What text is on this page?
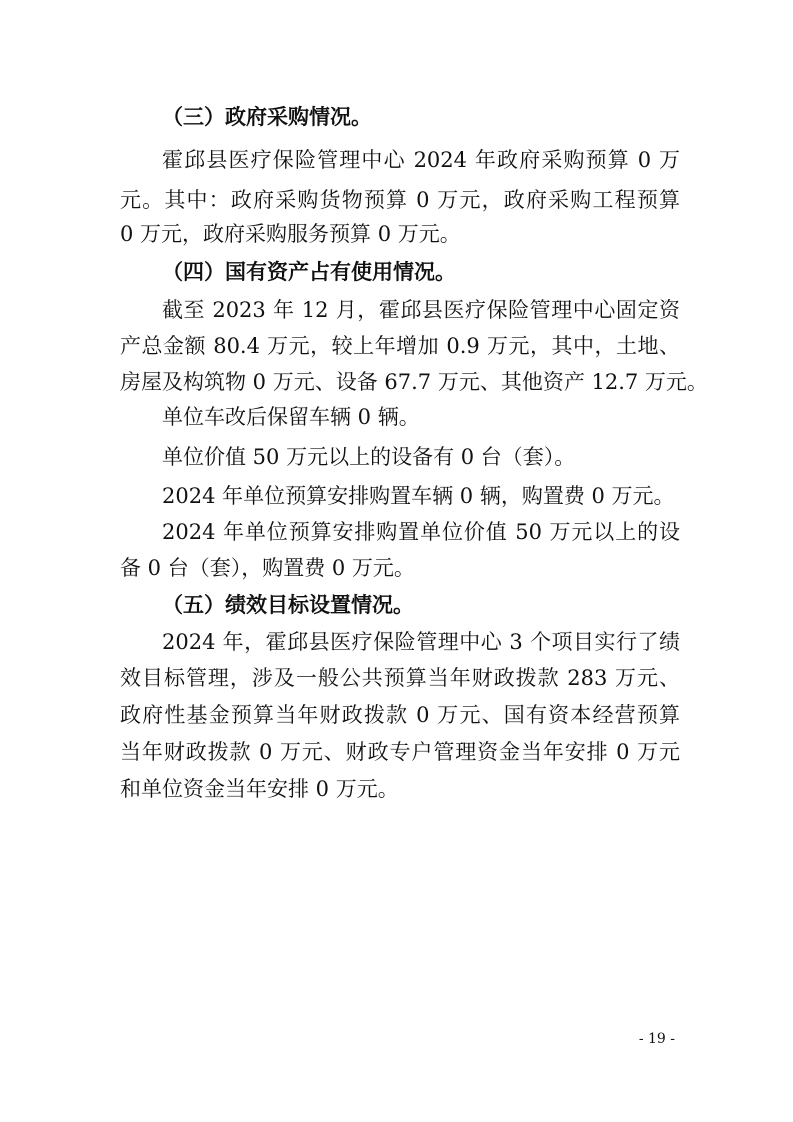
（三）政府采购情况。
霍邱县医疗保险管理中心 2024 年政府采购预算 0 万
元。其中：政府采购货物预算 0 万元，政府采购工程预算
0 万元，政府采购服务预算 0 万元。
（四）国有资产占有使用情况。
截至 2023 年 12 月，霍邱县医疗保险管理中心固定资
产总金额 80.4 万元，较上年增加 0.9 万元，其中，土地、
房屋及构筑物 0 万元、设备 67.7 万元、其他资产 12.7 万元。
单位车改后保留车辆 0 辆。
单位价值 50 万元以上的设备有 0 台（套）。
2024 年单位预算安排购置车辆 0 辆，购置费 0 万元。
2024 年单位预算安排购置单位价值 50 万元以上的设
备 0 台（套），购置费 0 万元。
（五）绩效目标设置情况。
2024 年，霍邱县医疗保险管理中心 3 个项目实行了绩
效目标管理，涉及一般公共预算当年财政拨款 283 万元、
政府性基金预算当年财政拨款 0 万元、国有资本经营预算
当年财政拨款 0 万元、财政专户管理资金当年安排 0 万元
和单位资金当年安排 0 万元。
- 19 -
